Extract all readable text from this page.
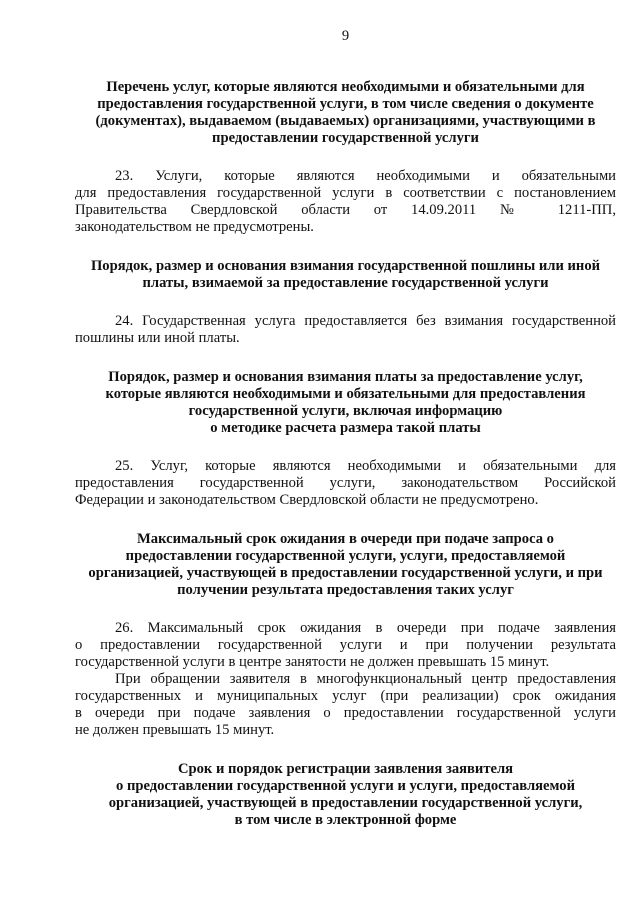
9
Перечень услуг, которые являются необходимыми и обязательными для
предоставления государственной услуги, в том числе сведения о документе
(документах), выдаваемом (выдаваемых) организациями, участвующими в
предоставлении государственной услуги

23. Услуги, которые являются необходимыми и обязательными
для предоставления государственной услуги в соответствии с постановлением
Правительства Свердловской области от 14.09.2011 № 1211-ПП,
законодательством не предусмотрены.

Порядок, размер и основания взимания государственной пошлины или иной
платы, взимаемой за предоставление государственной услуги

24. Государственная услуга предоставляется без взимания государственной
пошлины или иной платы.

Порядок, размер и основания взимания платы за предоставление услуг,
которые являются необходимыми и обязательными для предоставления
государственной услуги, включая информацию
о методике расчета размера такой платы

25. Услуг, которые являются необходимыми и обязательными для
предоставления государственной услуги, законодательством Российской
Федерации и законодательством Свердловской области не предусмотрено.

Максимальный срок ожидания в очереди при подаче запроса о
предоставлении государственной услуги, услуги, предоставляемой
организацией, участвующей в предоставлении государственной услуги, и при
получении результата предоставления таких услуг

26. Максимальный срок ожидания в очереди при подаче заявления
о предоставлении государственной услуги и при получении результата
государственной услуги в центре занятости не должен превышать 15 минут.

При обращении заявителя в многофункциональный центр предоставления
государственных и муниципальных услуг (при реализации) срок ожидания
в очереди при подаче заявления о предоставлении государственной услуги
не должен превышать 15 минут.

Срок и порядок регистрации заявления заявителя
о предоставлении государственной услуги и услуги, предоставляемой
организацией, участвующей в предоставлении государственной услуги,
в том числе в электронной форме
